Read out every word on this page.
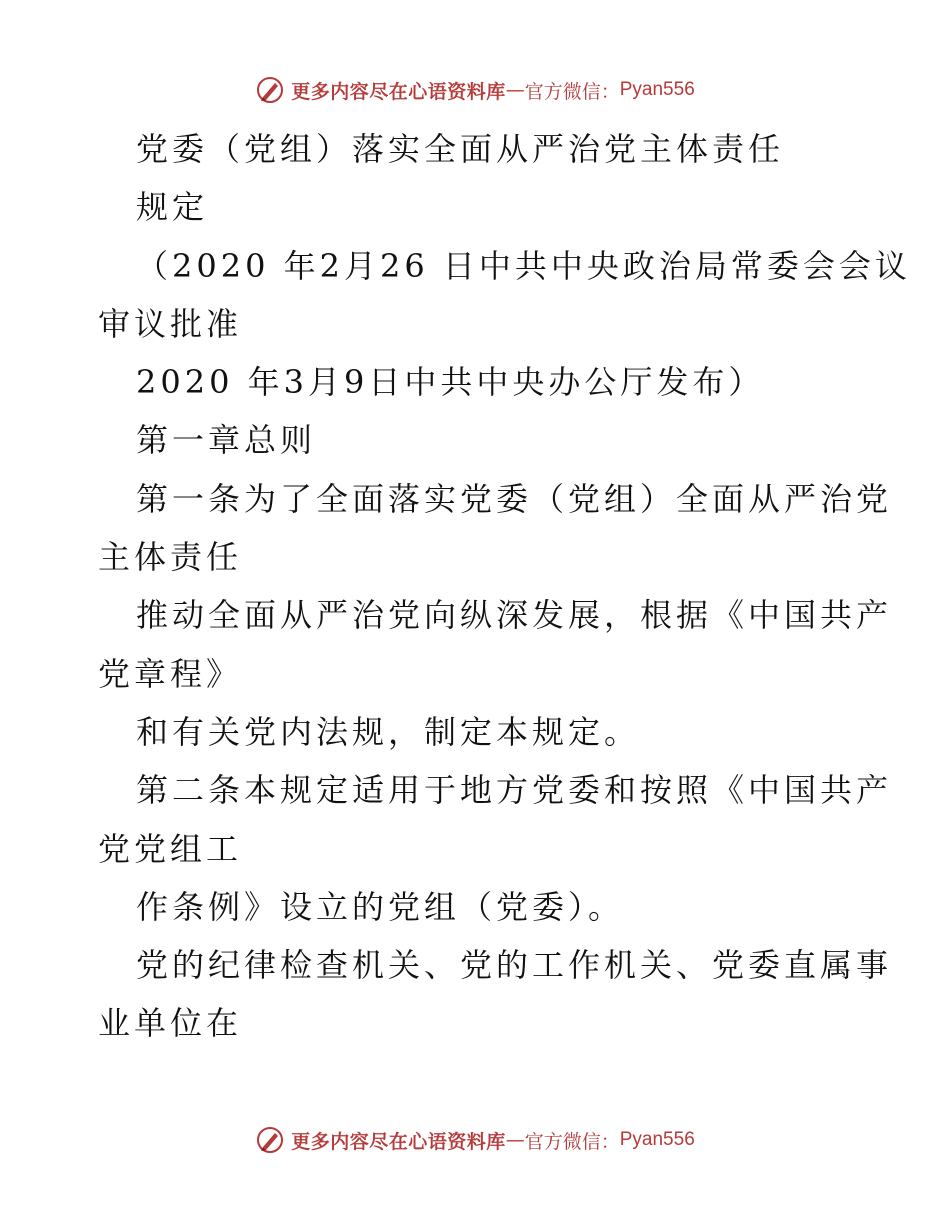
更多内容尽在心语资料库 — 官方微信： Pyan556

党委（党组）落实全面从严治党主体责任

规定

（2020 年2月26 日中共中央政治局常委会会议

审议批准

2020 年3月9日中共中央办公厅发布）

第一章总则

第一条为了全面落实党委（党组）全面从严治党

主体责任

推动全面从严治党向纵深发展，根据《中国共产

党章程》

和有关党内法规，制定本规定。

第二条本规定适用于地方党委和按照《中国共产

党党组工

作条例》设立的党组（党委）。

党的纪律检查机关、党的工作机关、党委直属事

业单位在

更多内容尽在心语资料库 — 官方微信： Pyan556
